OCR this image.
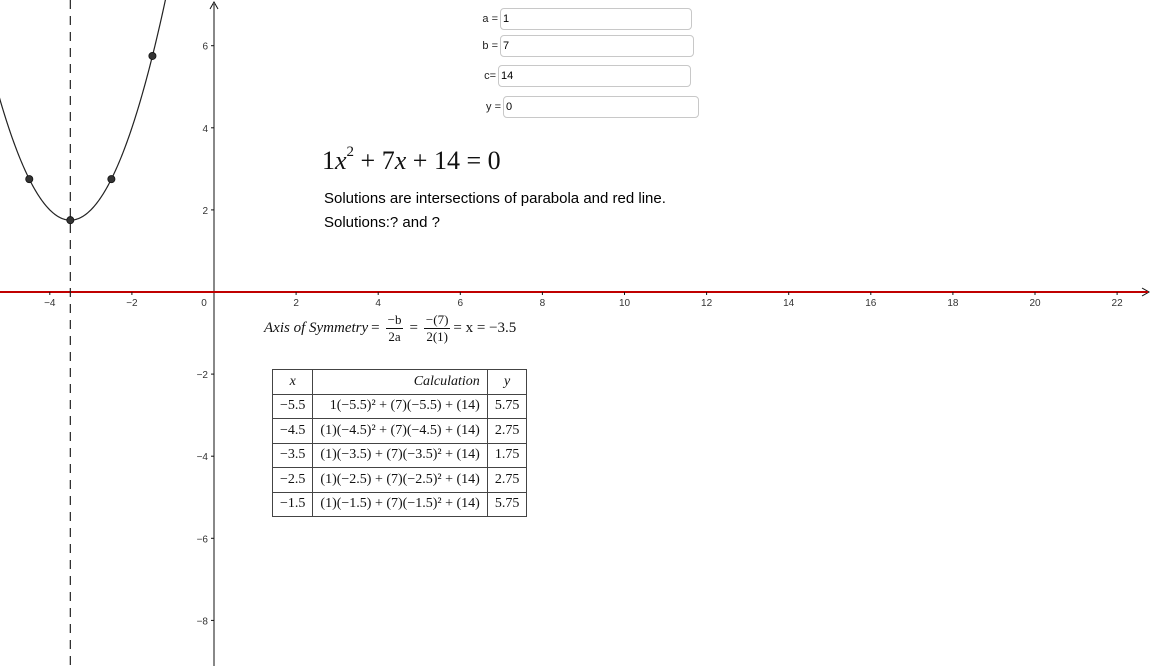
−4	−2	0	2	4	6	8	10	12	14	16	18	20	22
6
4
2
−2
−4
−6
−8
a = 1
b = 7
c= 14
y = 0
$1x^2 + 7x + 14 = 0$
Solutions are intersections of parabola and red line.
Solutions:? and ?
Axis of Symmetry = $\frac{-b}{2a} = \frac{-(7)}{2(1)} = x = -3.5$
x	Calculation	y
−5.5	1(−5.5)² + (7)(−5.5) + (14)	5.75
−4.5	(1)(−4.5)² + (7)(−4.5) + (14)	2.75
−3.5	(1)(−3.5) + (7)(−3.5)² + (14)	1.75
−2.5	(1)(−2.5) + (7)(−2.5)² + (14)	2.75
−1.5	(1)(−1.5) + (7)(−1.5)² + (14)	5.75
